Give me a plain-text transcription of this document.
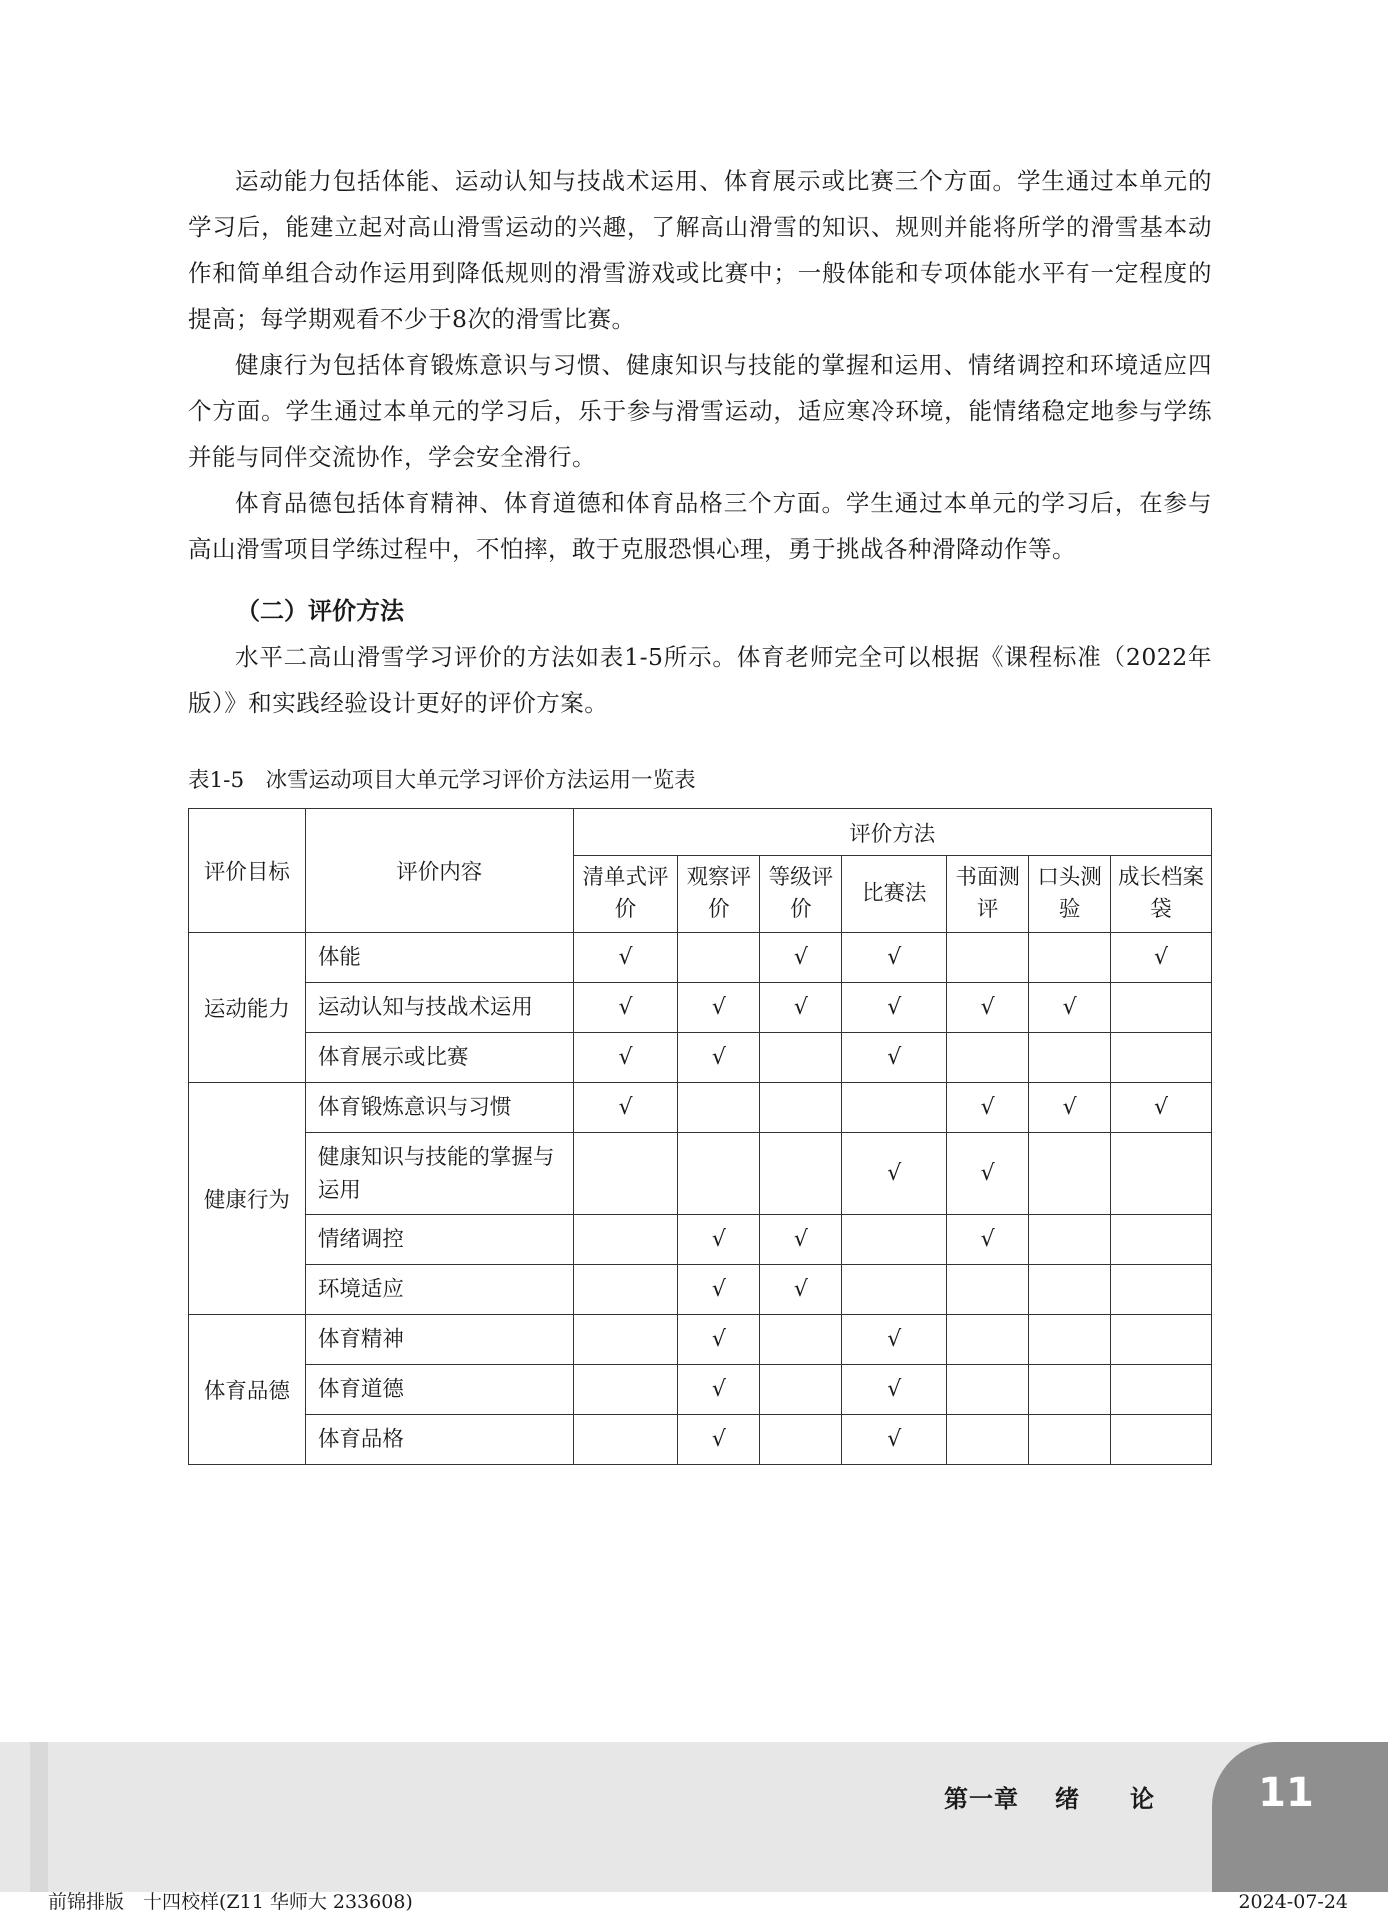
运动能力包括体能、运动认知与技战术运用、体育展示或比赛三个方面。学生通过本单元的学习后，能建立起对高山滑雪运动的兴趣，了解高山滑雪的知识、规则并能将所学的滑雪基本动作和简单组合动作运用到降低规则的滑雪游戏或比赛中；一般体能和专项体能水平有一定程度的提高；每学期观看不少于8次的滑雪比赛。

健康行为包括体育锻炼意识与习惯、健康知识与技能的掌握和运用、情绪调控和环境适应四个方面。学生通过本单元的学习后，乐于参与滑雪运动，适应寒冷环境，能情绪稳定地参与学练并能与同伴交流协作，学会安全滑行。

体育品德包括体育精神、体育道德和体育品格三个方面。学生通过本单元的学习后，在参与高山滑雪项目学练过程中，不怕摔，敢于克服恐惧心理，勇于挑战各种滑降动作等。

（二）评价方法

水平二高山滑雪学习评价的方法如表1-5所示。体育老师完全可以根据《课程标准（2022年版）》和实践经验设计更好的评价方案。

表1-5　冰雪运动项目大单元学习评价方法运用一览表

评价目标	评价内容	评价方法						
		清单式评价	观察评价	等级评价	比赛法	书面测评	口头测验	成长档案袋
运动能力	体能	√		√	√			√
	运动认知与技战术运用	√	√	√	√	√	√	
	体育展示或比赛	√	√		√			
健康行为	体育锻炼意识与习惯	√				√	√	√
	健康知识与技能的掌握与运用				√	√		
	情绪调控		√	√		√		
	环境适应		√	√				
体育品德	体育精神		√		√			
	体育道德		√		√			
	体育品格		√		√			
第一章 绪 论	11
前锦排版　十四校样(Z11 华师大 233608)	2024-07-24
